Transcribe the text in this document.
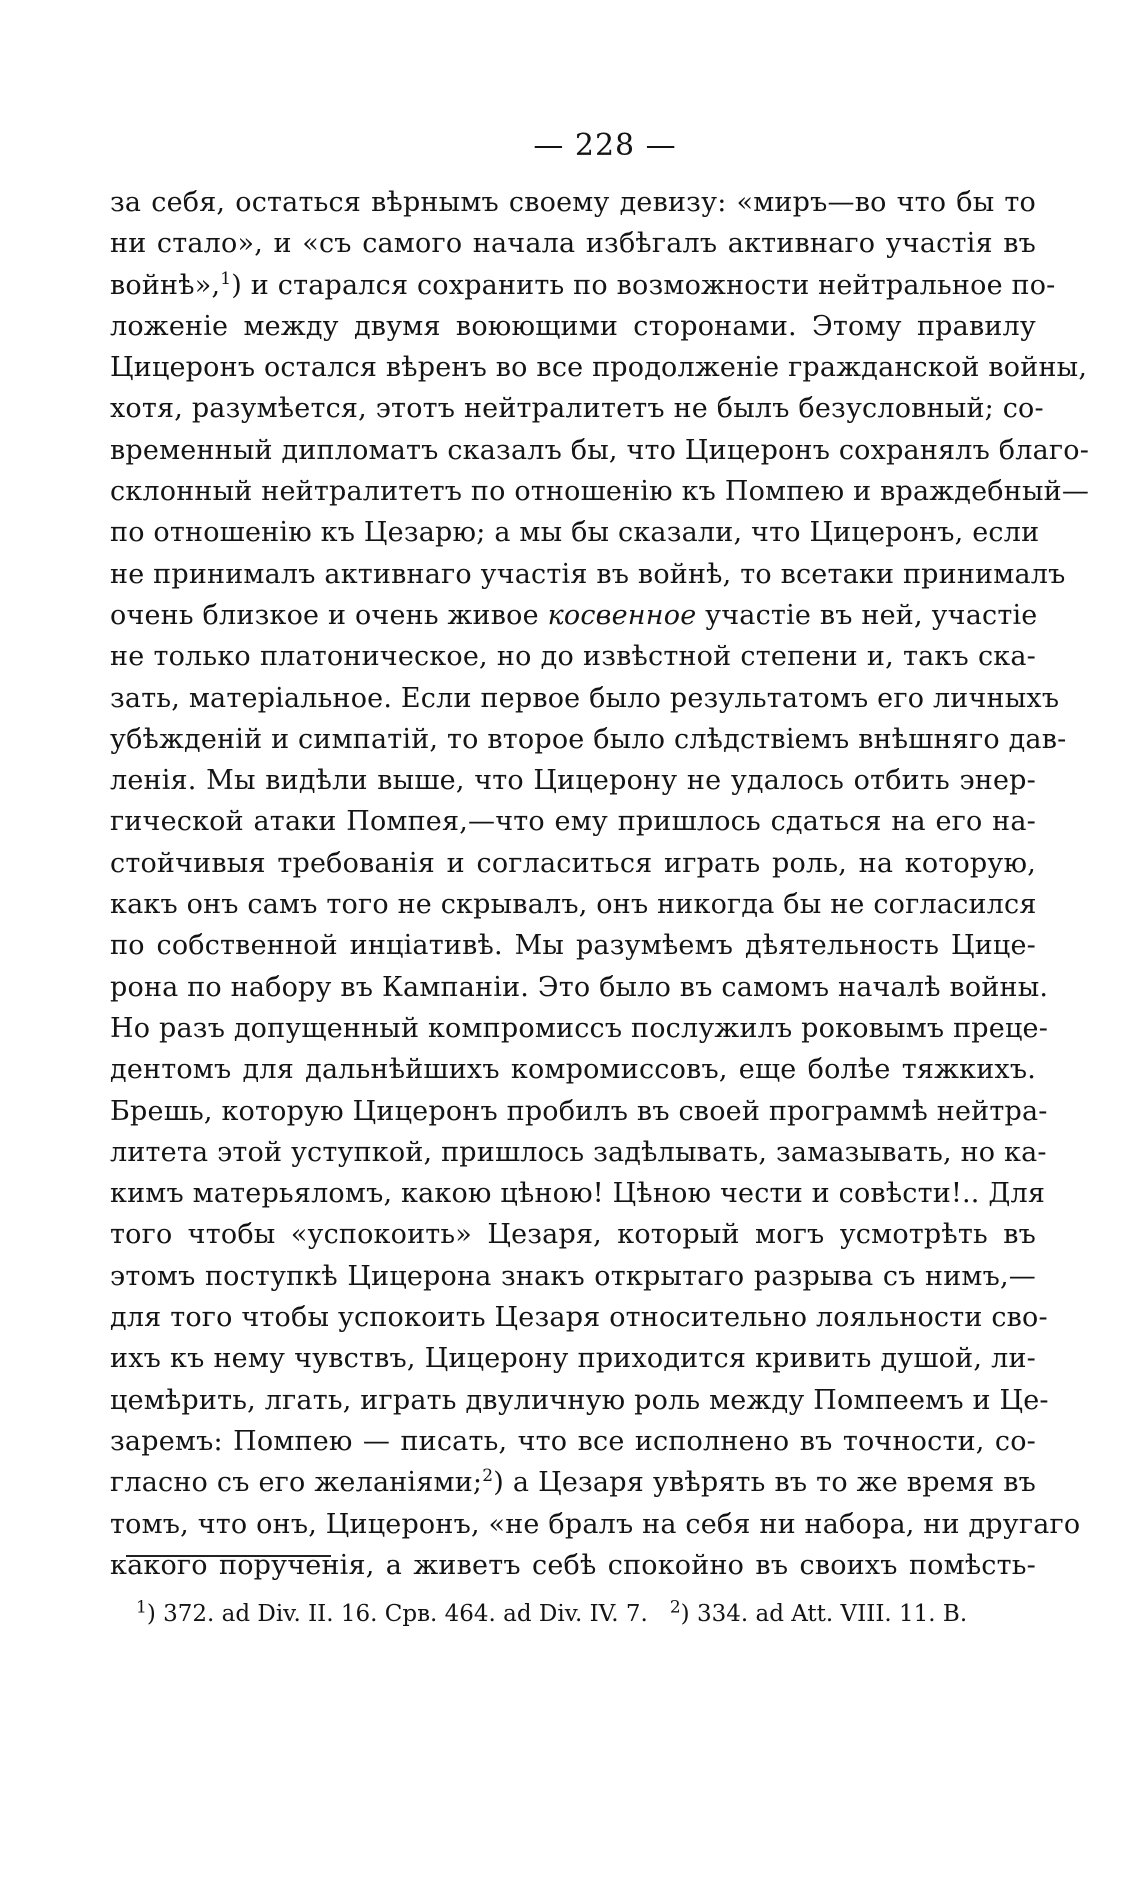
— 228 —
за себя, остаться вѣрнымъ своему девизу: «миръ—во что бы то
ни стало», и «съ самого начала избѣгалъ активнаго участія въ
войнѣ»,$^1$) и старался сохранить по возможности нейтральное по-
ложеніе между двумя воюющими сторонами. Этому правилу
Цицеронъ остался вѣренъ во все продолженіе гражданской войны,
хотя, разумѣется, этотъ нейтралитетъ не былъ безусловный; со-
временный дипломатъ сказалъ бы, что Цицеронъ сохранялъ благо-
склонный нейтралитетъ по отношенію къ Помпею и враждебный—
по отношенію къ Цезарю; а мы бы сказали, что Цицеронъ, если
не принималъ активнаго участія въ войнѣ, то всетаки принималъ
очень близкое и очень живое косвенное участіе въ ней, участіе
не только платоническое, но до извѣстной степени и, такъ ска-
зать, матеріальное. Если первое было результатомъ его личныхъ
убѣжденій и симпатій, то второе было слѣдствіемъ внѣшняго дав-
ленія. Мы видѣли выше, что Цицерону не удалось отбить энер-
гической атаки Помпея,—что ему пришлось сдаться на его на-
стойчивыя требованія и согласиться играть роль, на которую,
какъ онъ самъ того не скрывалъ, онъ никогда бы не согласился
по собственной инціативѣ. Мы разумѣемъ дѣятельность Цице-
рона по набору въ Кампаніи. Это было въ самомъ началѣ войны.
Но разъ допущенный компромиссъ послужилъ роковымъ преце-
дентомъ для дальнѣйшихъ комромиссовъ, еще болѣе тяжкихъ.
Брешь, которую Цицеронъ пробилъ въ своей программѣ нейтра-
литета этой уступкой, пришлось задѣлывать, замазывать, но ка-
кимъ матерьяломъ, какою цѣною! Цѣною чести и совѣсти!.. Для
того чтобы «успокоить» Цезаря, который могъ усмотрѣть въ
этомъ поступкѣ Цицерона знакъ открытаго разрыва съ нимъ,—
для того чтобы успокоить Цезаря относительно лояльности сво-
ихъ къ нему чувствъ, Цицерону приходится кривить душой, ли-
цемѣрить, лгать, играть двуличную роль между Помпеемъ и Це-
заремъ: Помпею — писать, что все исполнено въ точности, со-
гласно съ его желаніями;$^2$) а Цезаря увѣрять въ то же время въ
томъ, что онъ, Цицеронъ, «не бралъ на себя ни набора, ни другаго
какого порученія, а живетъ себѣ спокойно въ своихъ помѣсть-
$^1$) 372. ad Div. II. 16. Срв. 464. ad Div. IV. 7. $^2$) 334. ad Att. VIII. 11. B.
